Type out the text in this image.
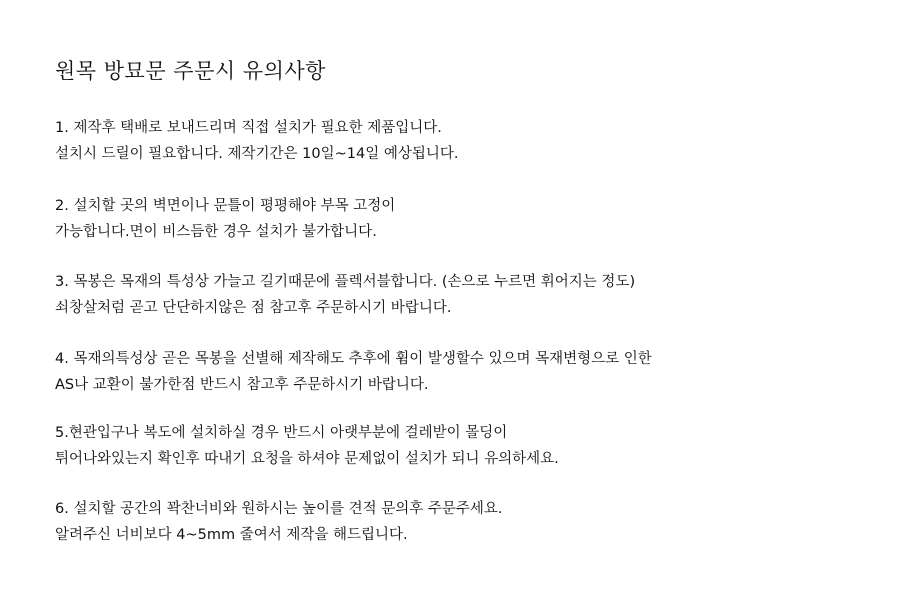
원목 방묘문 주문시 유의사항

1. 제작후 택배로 보내드리며 직접 설치가 필요한 제품입니다.
설치시 드릴이 필요합니다. 제작기간은 10일~14일 예상됩니다.

2. 설치할 곳의 벽면이나 문틀이 평평해야 부목 고정이
가능합니다.면이 비스듬한 경우 설치가 불가합니다.

3. 목봉은 목재의 특성상 가늘고 길기때문에 플렉서블합니다. (손으로 누르면 휘어지는 정도)
쇠창살처럼 곧고 단단하지않은 점 참고후 주문하시기 바랍니다.

4. 목재의특성상 곧은 목봉을 선별해 제작해도 추후에 휨이 발생할수 있으며 목재변형으로 인한
AS나 교환이 불가한점 반드시 참고후 주문하시기 바랍니다.

5.현관입구나 복도에 설치하실 경우 반드시 아랫부분에 걸레받이 몰딩이
튀어나와있는지 확인후 따내기 요청을 하셔야 문제없이 설치가 되니 유의하세요.

6. 설치할 공간의 꽉찬너비와 원하시는 높이를 견적 문의후 주문주세요.
알려주신 너비보다 4~5mm 줄여서 제작을 해드립니다.
